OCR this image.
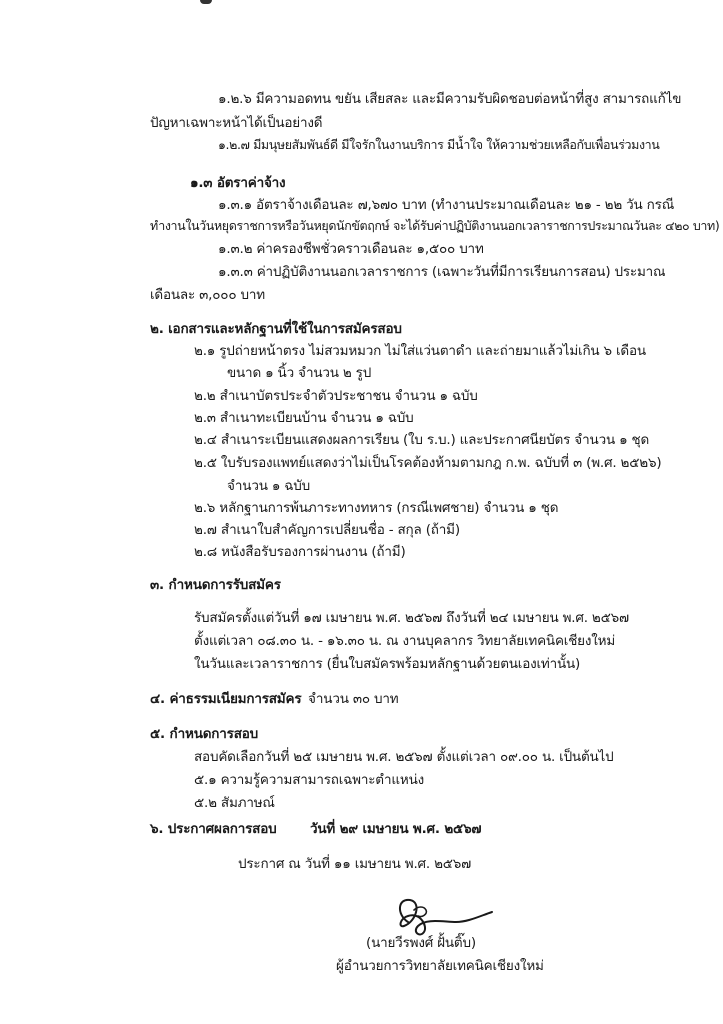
๑.๒.๖ มีความอดทน ขยัน เสียสละ และมีความรับผิดชอบต่อหน้าที่สูง สามารถแก้ไข
ปัญหาเฉพาะหน้าได้เป็นอย่างดี
๑.๒.๗ มีมนุษยสัมพันธ์ดี มีใจรักในงานบริการ มีน้ำใจ ให้ความช่วยเหลือกับเพื่อนร่วมงาน
๑.๓ อัตราค่าจ้าง
๑.๓.๑ อัตราจ้างเดือนละ ๗,๖๗๐ บาท (ทำงานประมาณเดือนละ ๒๑ - ๒๒ วัน กรณี
ทำงานในวันหยุดราชการหรือวันหยุดนักขัตฤกษ์ จะได้รับค่าปฏิบัติงานนอกเวลาราชการประมาณวันละ ๔๒๐ บาท)
๑.๓.๒ ค่าครองชีพชั่วคราวเดือนละ ๑,๕๐๐ บาท
๑.๓.๓ ค่าปฏิบัติงานนอกเวลาราชการ (เฉพาะวันที่มีการเรียนการสอน) ประมาณ
เดือนละ ๓,๐๐๐ บาท
๒. เอกสารและหลักฐานที่ใช้ในการสมัครสอบ
๒.๑ รูปถ่ายหน้าตรง ไม่สวมหมวก ไม่ใส่แว่นตาดำ และถ่ายมาแล้วไม่เกิน ๖ เดือน
ขนาด ๑ นิ้ว จำนวน ๒ รูป
๒.๒ สำเนาบัตรประจำตัวประชาชน จำนวน ๑ ฉบับ
๒.๓ สำเนาทะเบียนบ้าน จำนวน ๑ ฉบับ
๒.๔ สำเนาระเบียนแสดงผลการเรียน (ใบ ร.บ.) และประกาศนียบัตร จำนวน ๑ ชุด
๒.๕ ใบรับรองแพทย์แสดงว่าไม่เป็นโรคต้องห้ามตามกฎ ก.พ. ฉบับที่ ๓ (พ.ศ. ๒๕๒๖)
จำนวน ๑ ฉบับ
๒.๖ หลักฐานการพ้นภาระทางทหาร (กรณีเพศชาย) จำนวน ๑ ชุด
๒.๗ สำเนาใบสำคัญการเปลี่ยนชื่อ - สกุล (ถ้ามี)
๒.๘ หนังสือรับรองการผ่านงาน (ถ้ามี)
๓. กำหนดการรับสมัคร
รับสมัครตั้งแต่วันที่ ๑๗ เมษายน พ.ศ. ๒๕๖๗ ถึงวันที่ ๒๔ เมษายน พ.ศ. ๒๕๖๗
ตั้งแต่เวลา ๐๘.๓๐ น. - ๑๖.๓๐ น. ณ งานบุคลากร วิทยาลัยเทคนิคเชียงใหม่
ในวันและเวลาราชการ (ยื่นใบสมัครพร้อมหลักฐานด้วยตนเองเท่านั้น)
๔. ค่าธรรมเนียมการสมัคร จำนวน ๓๐ บาท
๕. กำหนดการสอบ
สอบคัดเลือกวันที่ ๒๕ เมษายน พ.ศ. ๒๕๖๗ ตั้งแต่เวลา ๐๙.๐๐ น. เป็นต้นไป
๕.๑ ความรู้ความสามารถเฉพาะตำแหน่ง
๕.๒ สัมภาษณ์
๖. ประกาศผลการสอบ วันที่ ๒๙ เมษายน พ.ศ. ๒๕๖๗
ประกาศ ณ วันที่ ๑๑ เมษายน พ.ศ. ๒๕๖๗
(นายวีรพงศ์ ฝั้นติ๊บ)
ผู้อำนวยการวิทยาลัยเทคนิคเชียงใหม่
